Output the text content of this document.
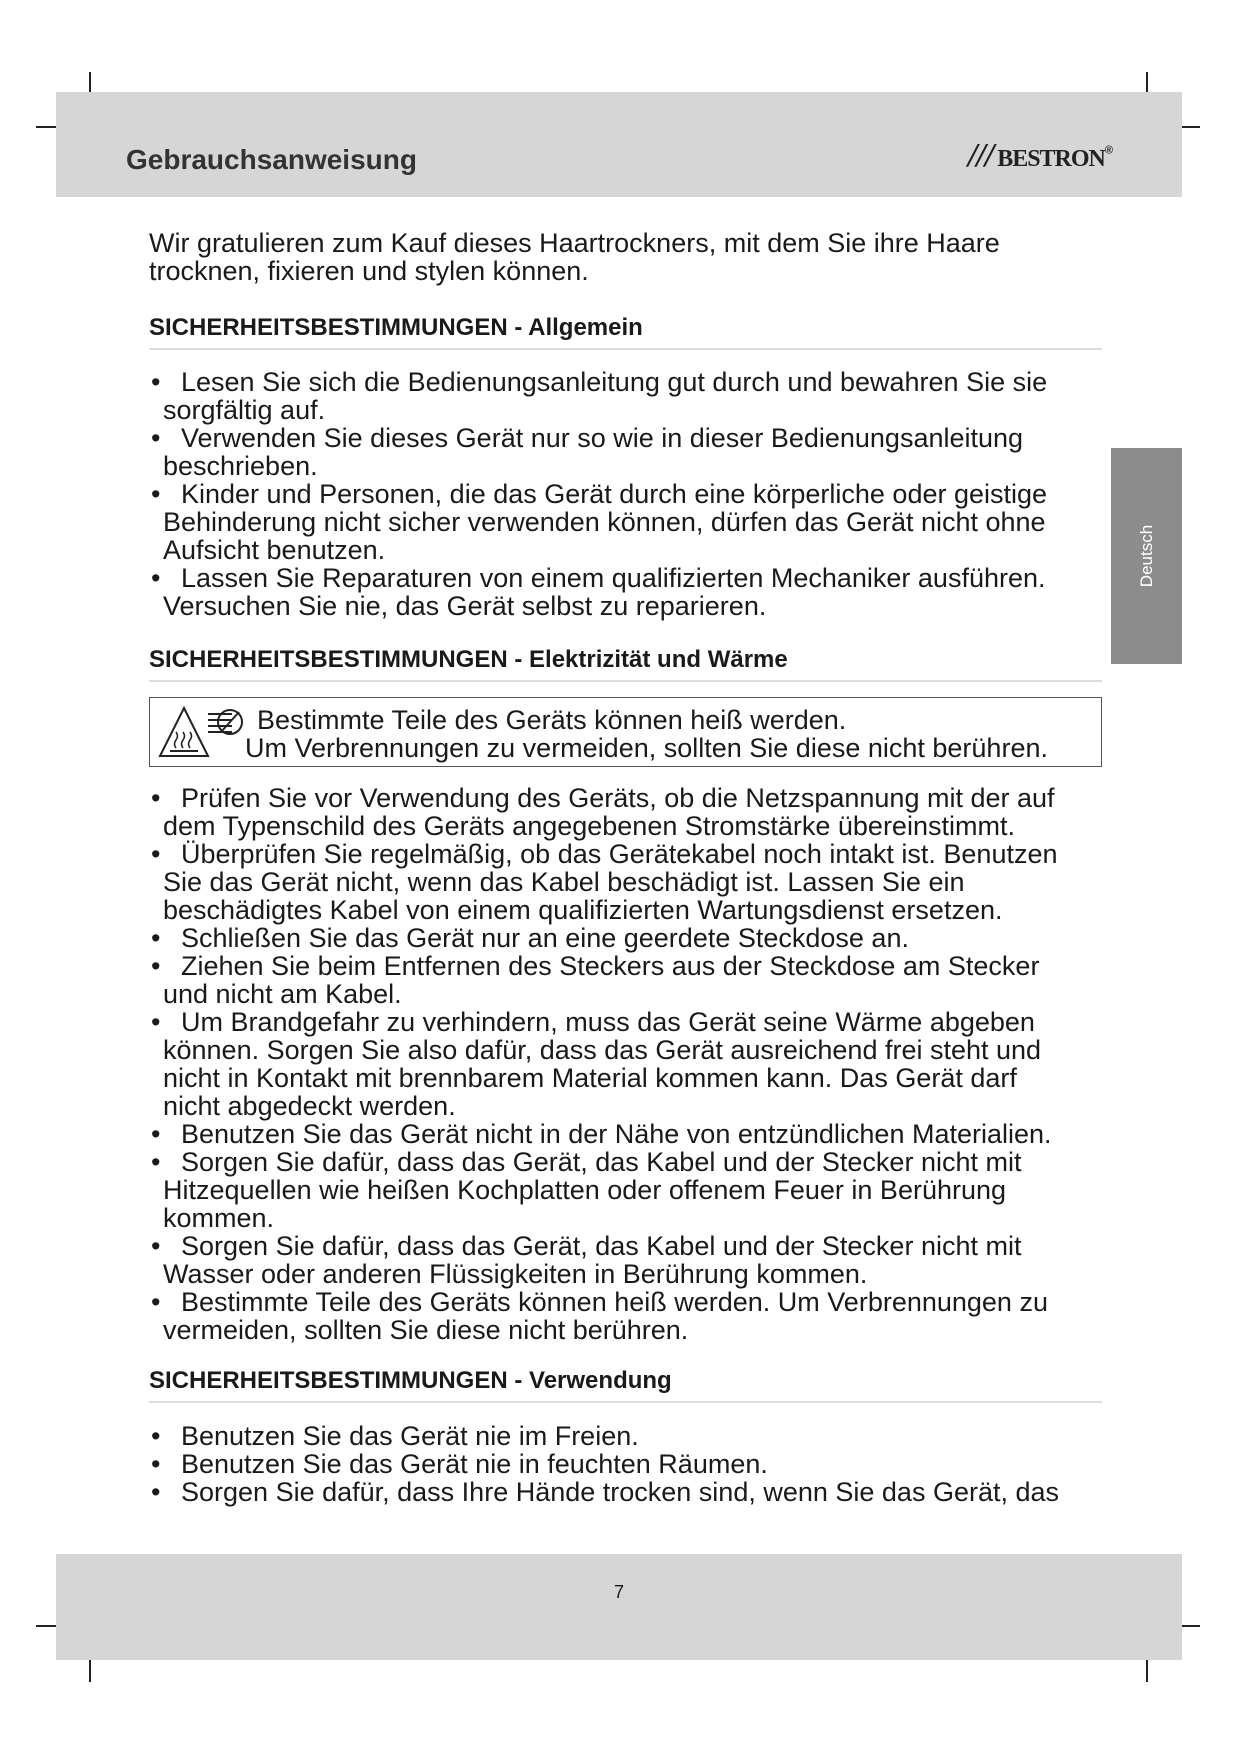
Gebrauchsanweisung	/// bestron®
Deutsch
Wir gratulieren zum Kauf dieses Haartrockners, mit dem Sie ihre Haare
trocknen, fixieren und stylen können.
SICHERHEITSBESTIMMUNGEN - Allgemein
• Lesen Sie sich die Bedienungsanleitung gut durch und bewahren Sie sie
sorgfältig auf.
• Verwenden Sie dieses Gerät nur so wie in dieser Bedienungsanleitung
beschrieben.
• Kinder und Personen, die das Gerät durch eine körperliche oder geistige
Behinderung nicht sicher verwenden können, dürfen das Gerät nicht ohne
Aufsicht benutzen.
• Lassen Sie Reparaturen von einem qualifizierten Mechaniker ausführen.
Versuchen Sie nie, das Gerät selbst zu reparieren.
SICHERHEITSBESTIMMUNGEN - Elektrizität und Wärme
Bestimmte Teile des Geräts können heiß werden.
Um Verbrennungen zu vermeiden, sollten Sie diese nicht berühren.
• Prüfen Sie vor Verwendung des Geräts, ob die Netzspannung mit der auf
dem Typenschild des Geräts angegebenen Stromstärke übereinstimmt.
• Überprüfen Sie regelmäßig, ob das Gerätekabel noch intakt ist. Benutzen
Sie das Gerät nicht, wenn das Kabel beschädigt ist. Lassen Sie ein
beschädigtes Kabel von einem qualifizierten Wartungsdienst ersetzen.
• Schließen Sie das Gerät nur an eine geerdete Steckdose an.
• Ziehen Sie beim Entfernen des Steckers aus der Steckdose am Stecker
und nicht am Kabel.
• Um Brandgefahr zu verhindern, muss das Gerät seine Wärme abgeben
können. Sorgen Sie also dafür, dass das Gerät ausreichend frei steht und
nicht in Kontakt mit brennbarem Material kommen kann. Das Gerät darf
nicht abgedeckt werden.
• Benutzen Sie das Gerät nicht in der Nähe von entzündlichen Materialien.
• Sorgen Sie dafür, dass das Gerät, das Kabel und der Stecker nicht mit
Hitzequellen wie heißen Kochplatten oder offenem Feuer in Berührung
kommen.
• Sorgen Sie dafür, dass das Gerät, das Kabel und der Stecker nicht mit
Wasser oder anderen Flüssigkeiten in Berührung kommen.
• Bestimmte Teile des Geräts können heiß werden. Um Verbrennungen zu
vermeiden, sollten Sie diese nicht berühren.
SICHERHEITSBESTIMMUNGEN - Verwendung
• Benutzen Sie das Gerät nie im Freien.
• Benutzen Sie das Gerät nie in feuchten Räumen.
• Sorgen Sie dafür, dass Ihre Hände trocken sind, wenn Sie das Gerät, das
7
